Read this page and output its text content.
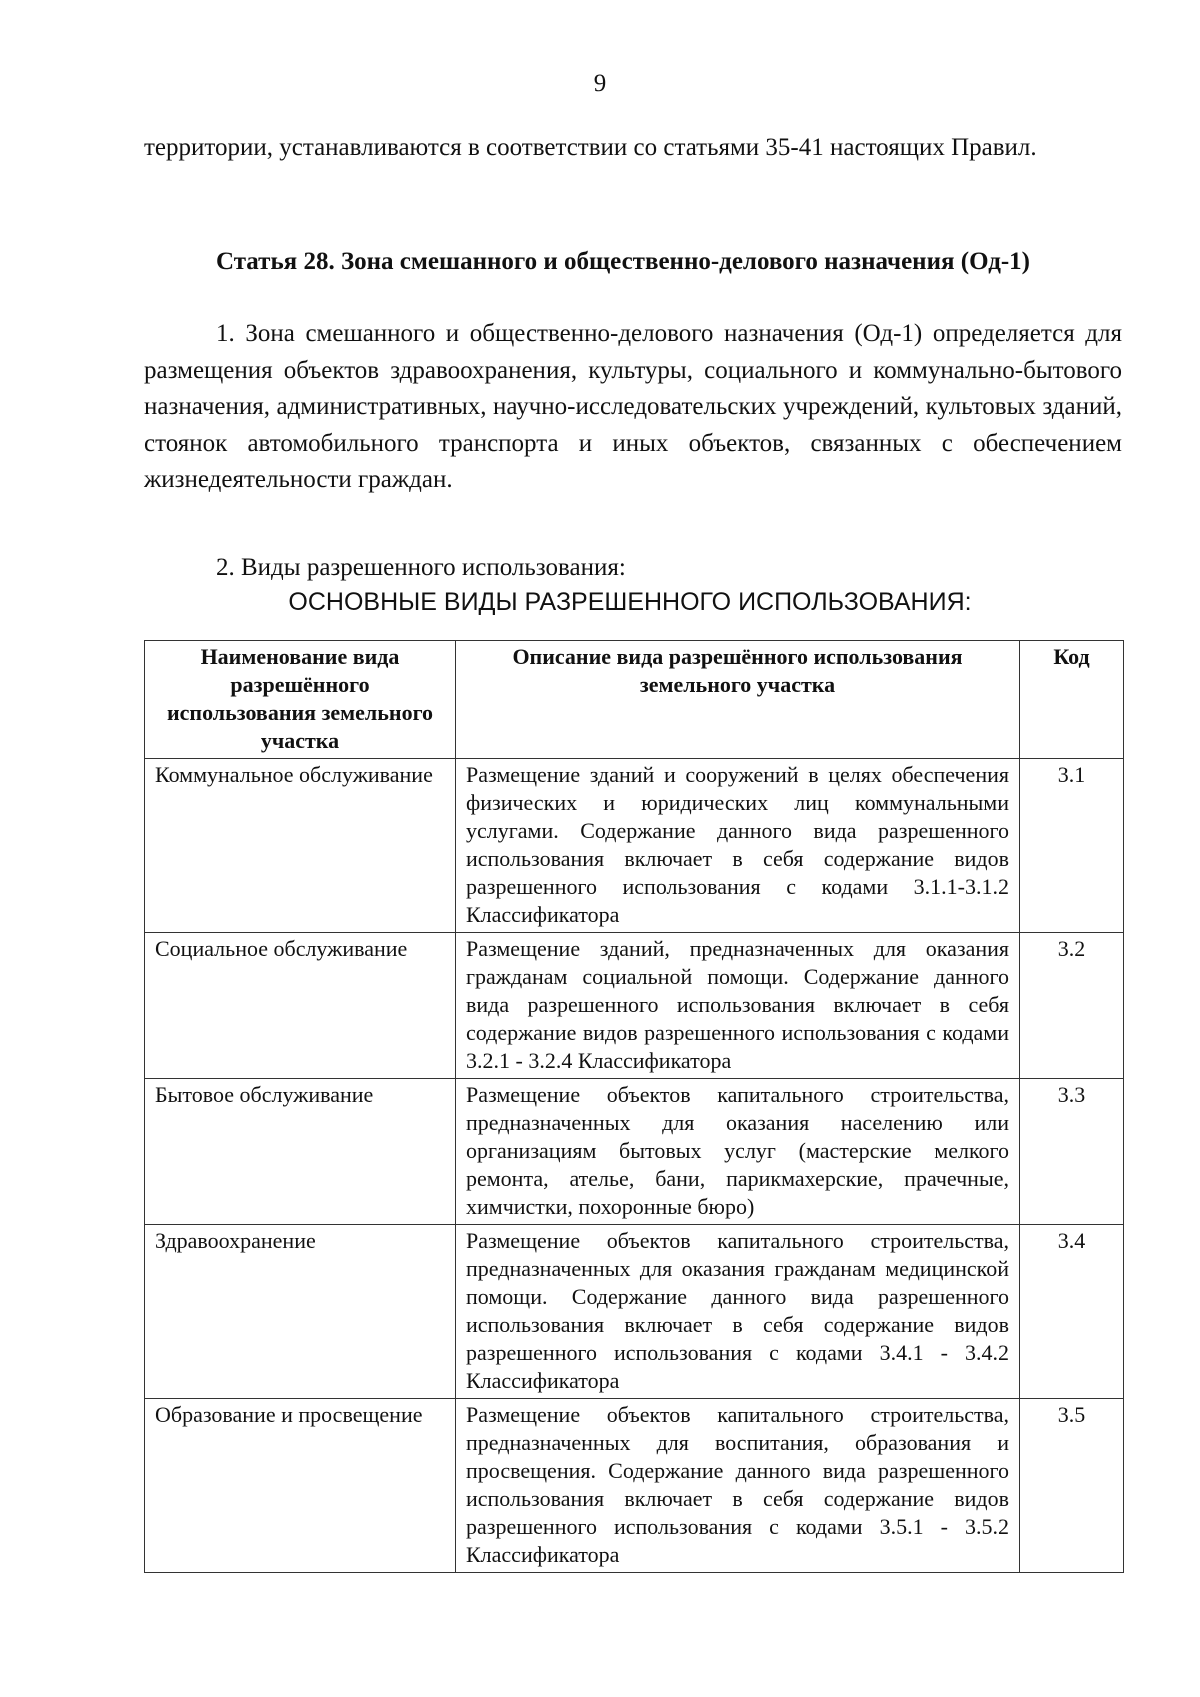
9

территории, устанавливаются в соответствии со статьями 35-41 настоящих Правил.

Статья 28. Зона смешанного и общественно-делового назначения (Од-1)

1. Зона смешанного и общественно-делового назначения (Од-1) определяется для размещения объектов здравоохранения, культуры, социального и коммунально-бытового назначения, административных, научно-исследовательских учреждений, культовых зданий, стоянок автомобильного транспорта и иных объектов, связанных с обеспечением жизнедеятельности граждан.

2. Виды разрешенного использования:

ОСНОВНЫЕ ВИДЫ РАЗРЕШЕННОГО ИСПОЛЬЗОВАНИЯ:
Наименование вида разрешённого использования земельного участка	Описание вида разрешённого использования земельного участка	Код
Коммунальное обслуживание	Размещение зданий и сооружений в целях обеспечения физических и юридических лиц коммунальными услугами. Содержание данного вида разрешенного использования включает в себя содержание видов разрешенного использования с кодами 3.1.1-3.1.2 Классификатора	3.1
Социальное обслуживание	Размещение зданий, предназначенных для оказания гражданам социальной помощи. Содержание данного вида разрешенного использования включает в себя содержание видов разрешенного использования с кодами 3.2.1 - 3.2.4 Классификатора	3.2
Бытовое обслуживание	Размещение объектов капитального строительства, предназначенных для оказания населению или организациям бытовых услуг (мастерские мелкого ремонта, ателье, бани, парикмахерские, прачечные, химчистки, похоронные бюро)	3.3
Здравоохранение	Размещение объектов капитального строительства, предназначенных для оказания гражданам медицинской помощи. Содержание данного вида разрешенного использования включает в себя содержание видов разрешенного использования с кодами 3.4.1 - 3.4.2 Классификатора	3.4
Образование и просвещение	Размещение объектов капитального строительства, предназначенных для воспитания, образования и просвещения. Содержание данного вида разрешенного использования включает в себя содержание видов разрешенного использования с кодами 3.5.1 - 3.5.2 Классификатора	3.5
